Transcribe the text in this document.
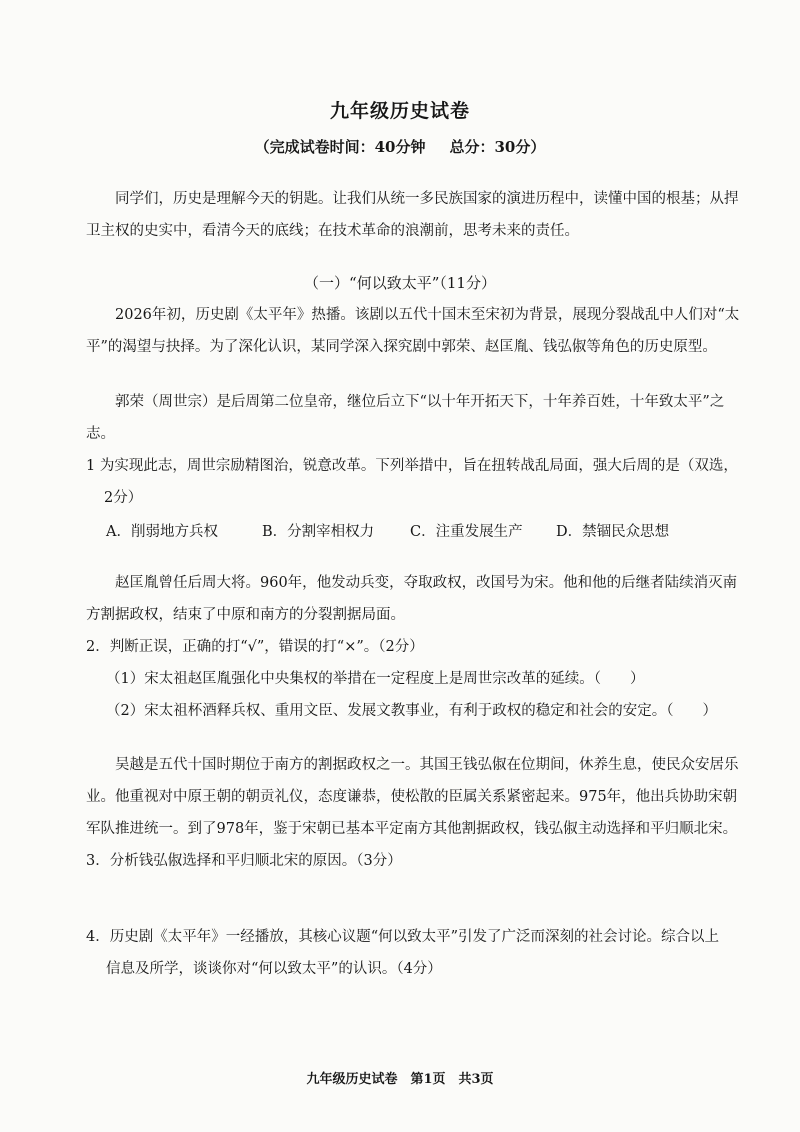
九年级历史试卷
（完成试卷时间：40分钟 总分：30分）
同学们，历史是理解今天的钥匙。让我们从统一多民族国家的演进历程中，读懂中国的根基；从捍
卫主权的史实中，看清今天的底线；在技术革命的浪潮前，思考未来的责任。
（一）“何以致太平”（11分）
2026年初，历史剧《太平年》热播。该剧以五代十国末至宋初为背景，展现分裂战乱中人们对“太
平”的渴望与抉择。为了深化认识，某同学深入探究剧中郭荣、赵匡胤、钱弘俶等角色的历史原型。
郭荣（周世宗）是后周第二位皇帝，继位后立下“以十年开拓天下，十年养百姓，十年致太平”之
志。
1 为实现此志，周世宗励精图治，锐意改革。下列举措中，旨在扭转战乱局面，强大后周的是（双选，
2分）
A．削弱地方兵权	B．分割宰相权力 C．注重发展生产 D．禁锢民众思想
赵匡胤曾任后周大将。960年，他发动兵变，夺取政权，改国号为宋。他和他的后继者陆续消灭南
方割据政权，结束了中原和南方的分裂割据局面。
2．判断正误，正确的打“√”，错误的打“×”。（2分）
（1）宋太祖赵匡胤强化中央集权的举措在一定程度上是周世宗改革的延续。（　　）
（2）宋太祖杯酒释兵权、重用文臣、发展文教事业，有利于政权的稳定和社会的安定。（　　）
吴越是五代十国时期位于南方的割据政权之一。其国王钱弘俶在位期间，休养生息，使民众安居乐
业。他重视对中原王朝的朝贡礼仪，态度谦恭，使松散的臣属关系紧密起来。975年，他出兵协助宋朝
军队推进统一。到了978年，鉴于宋朝已基本平定南方其他割据政权，钱弘俶主动选择和平归顺北宋。
3．分析钱弘俶选择和平归顺北宋的原因。（3分）
4．历史剧《太平年》一经播放，其核心议题“何以致太平”引发了广泛而深刻的社会讨论。综合以上
信息及所学，谈谈你对“何以致太平”的认识。（4分）
九年级历史试卷　第1页　共3页
